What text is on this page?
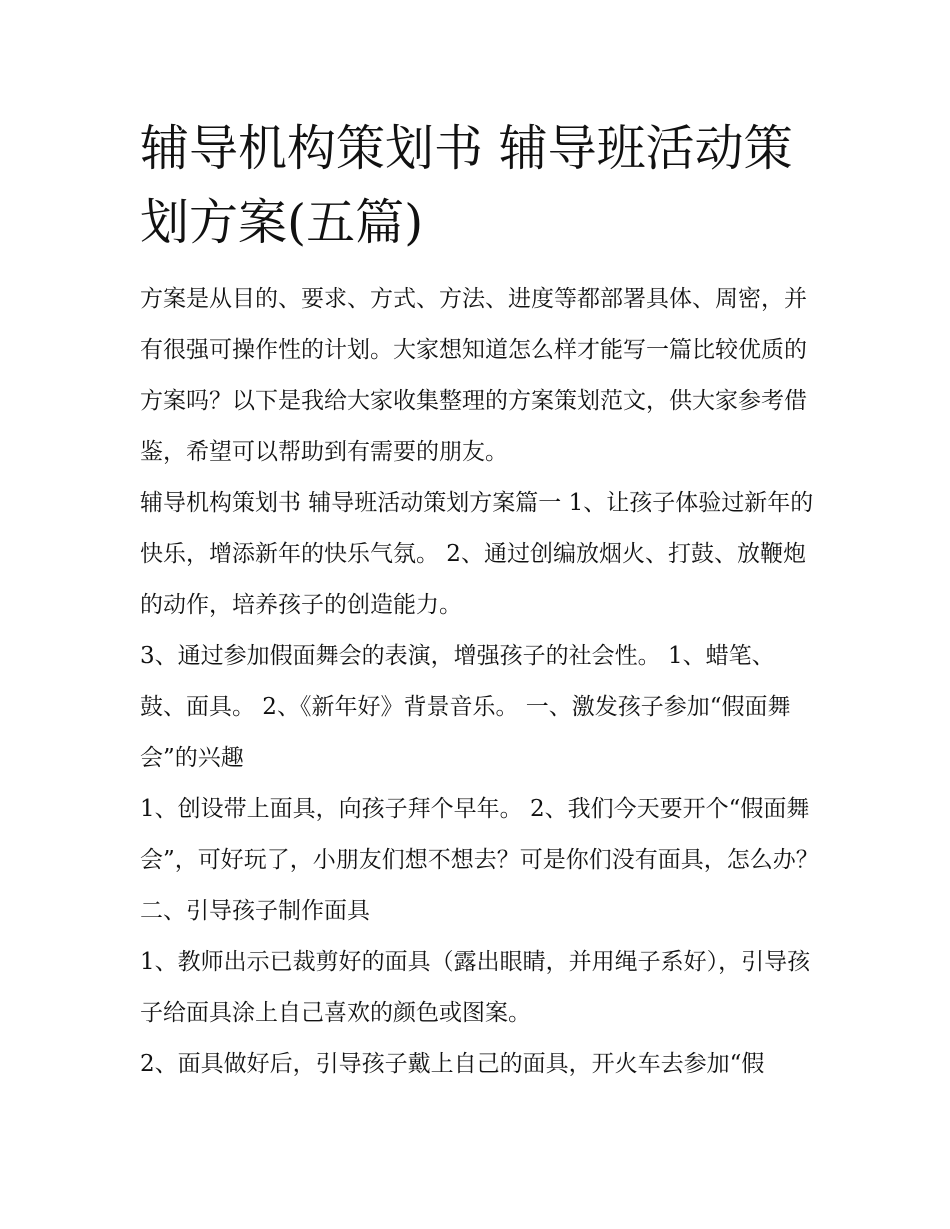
辅导机构策划书 辅导班活动策划方案(五篇)

方案是从目的、要求、方式、方法、进度等都部署具体、周密，并有很强可操作性的计划。大家想知道怎么样才能写一篇比较优质的方案吗？以下是我给大家收集整理的方案策划范文，供大家参考借鉴，希望可以帮助到有需要的朋友。

辅导机构策划书 辅导班活动策划方案篇一 1、让孩子体验过新年的快乐，增添新年的快乐气氛。 2、通过创编放烟火、打鼓、放鞭炮的动作，培养孩子的创造能力。

3、通过参加假面舞会的表演，增强孩子的社会性。 1、蜡笔、鼓、面具。 2、《新年好》背景音乐。 一、激发孩子参加“假面舞会”的兴趣

1、创设带上面具，向孩子拜个早年。 2、我们今天要开个“假面舞会”，可好玩了，小朋友们想不想去？可是你们没有面具，怎么办？ 二、引导孩子制作面具

1、教师出示已裁剪好的面具（露出眼睛，并用绳子系好），引导孩子给面具涂上自己喜欢的颜色或图案。

2、面具做好后，引导孩子戴上自己的面具，开火车去参加“假
